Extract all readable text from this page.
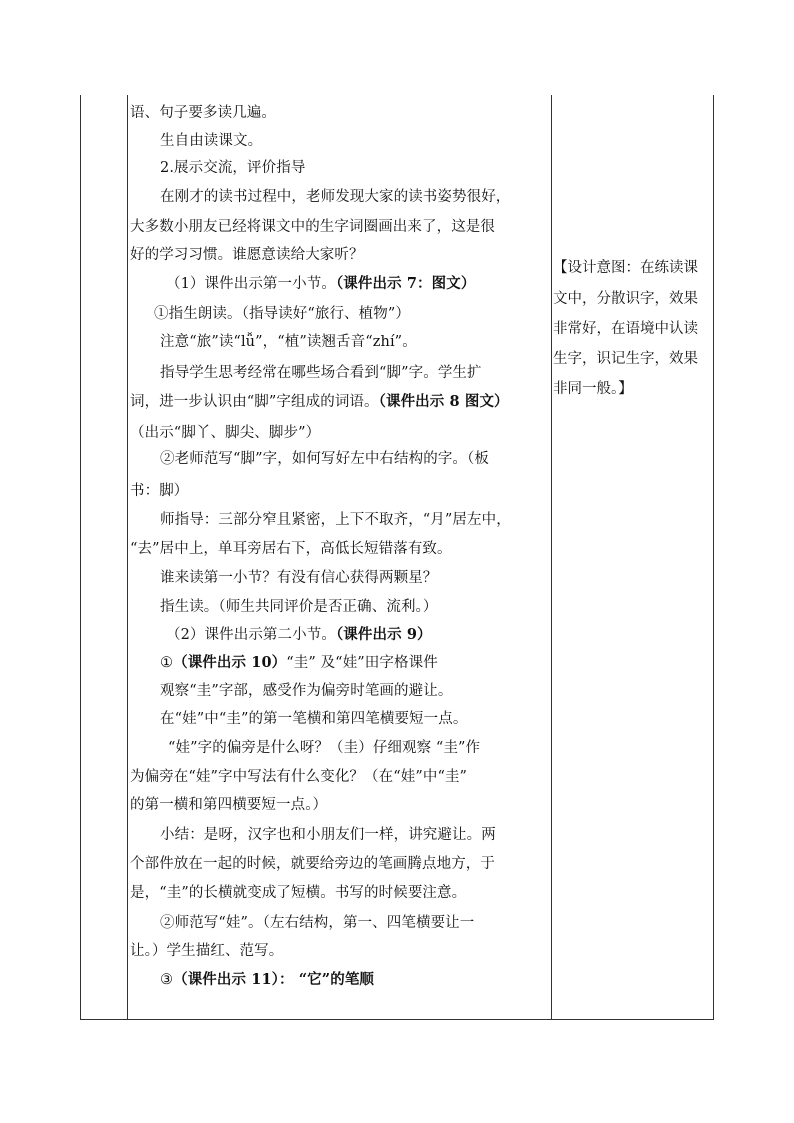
语、句子要多读几遍。
生自由读课文。
2.展示交流，评价指导
在刚才的读书过程中，老师发现大家的读书姿势很好，
大多数小朋友已经将课文中的生字词圈画出来了，这是很
好的学习习惯。谁愿意读给大家听？
（1）课件出示第一小节。（课件出示 7：图文）
①指生朗读。（指导读好“旅行、植物”）
注意“旅”读“lǚ”，“植”读翘舌音“zhí”。
指导学生思考经常在哪些场合看到“脚”字。学生扩
词，进一步认识由“脚”字组成的词语。（课件出示 8 图文）
（出示“脚丫、脚尖、脚步”）
②老师范写“脚”字，如何写好左中右结构的字。（板
书：脚）
师指导：三部分窄且紧密，上下不取齐，“月”居左中，
“去”居中上，单耳旁居右下，高低长短错落有致。
谁来读第一小节？有没有信心获得两颗星？
指生读。（师生共同评价是否正确、流利。）
（2）课件出示第二小节。（课件出示 9）
①（课件出示 10）“圭” 及“娃”田字格课件
观察“圭”字部，感受作为偏旁时笔画的避让。
在“娃”中“圭”的第一笔横和第四笔横要短一点。
“娃”字的偏旁是什么呀？（圭）仔细观察 “圭”作
为偏旁在“娃”字中写法有什么变化？（在“娃”中“圭”
的第一横和第四横要短一点。）
小结：是呀，汉字也和小朋友们一样，讲究避让。两
个部件放在一起的时候，就要给旁边的笔画腾点地方，于
是，“圭”的长横就变成了短横。书写的时候要注意。
②师范写“娃”。（左右结构，第一、四笔横要让一
让。）学生描红、范写。
③（课件出示 11）： “它”的笔顺
【设计意图：在练读课
文中，分散识字，效果
非常好，在语境中认读
生字，识记生字，效果
非同一般。】
